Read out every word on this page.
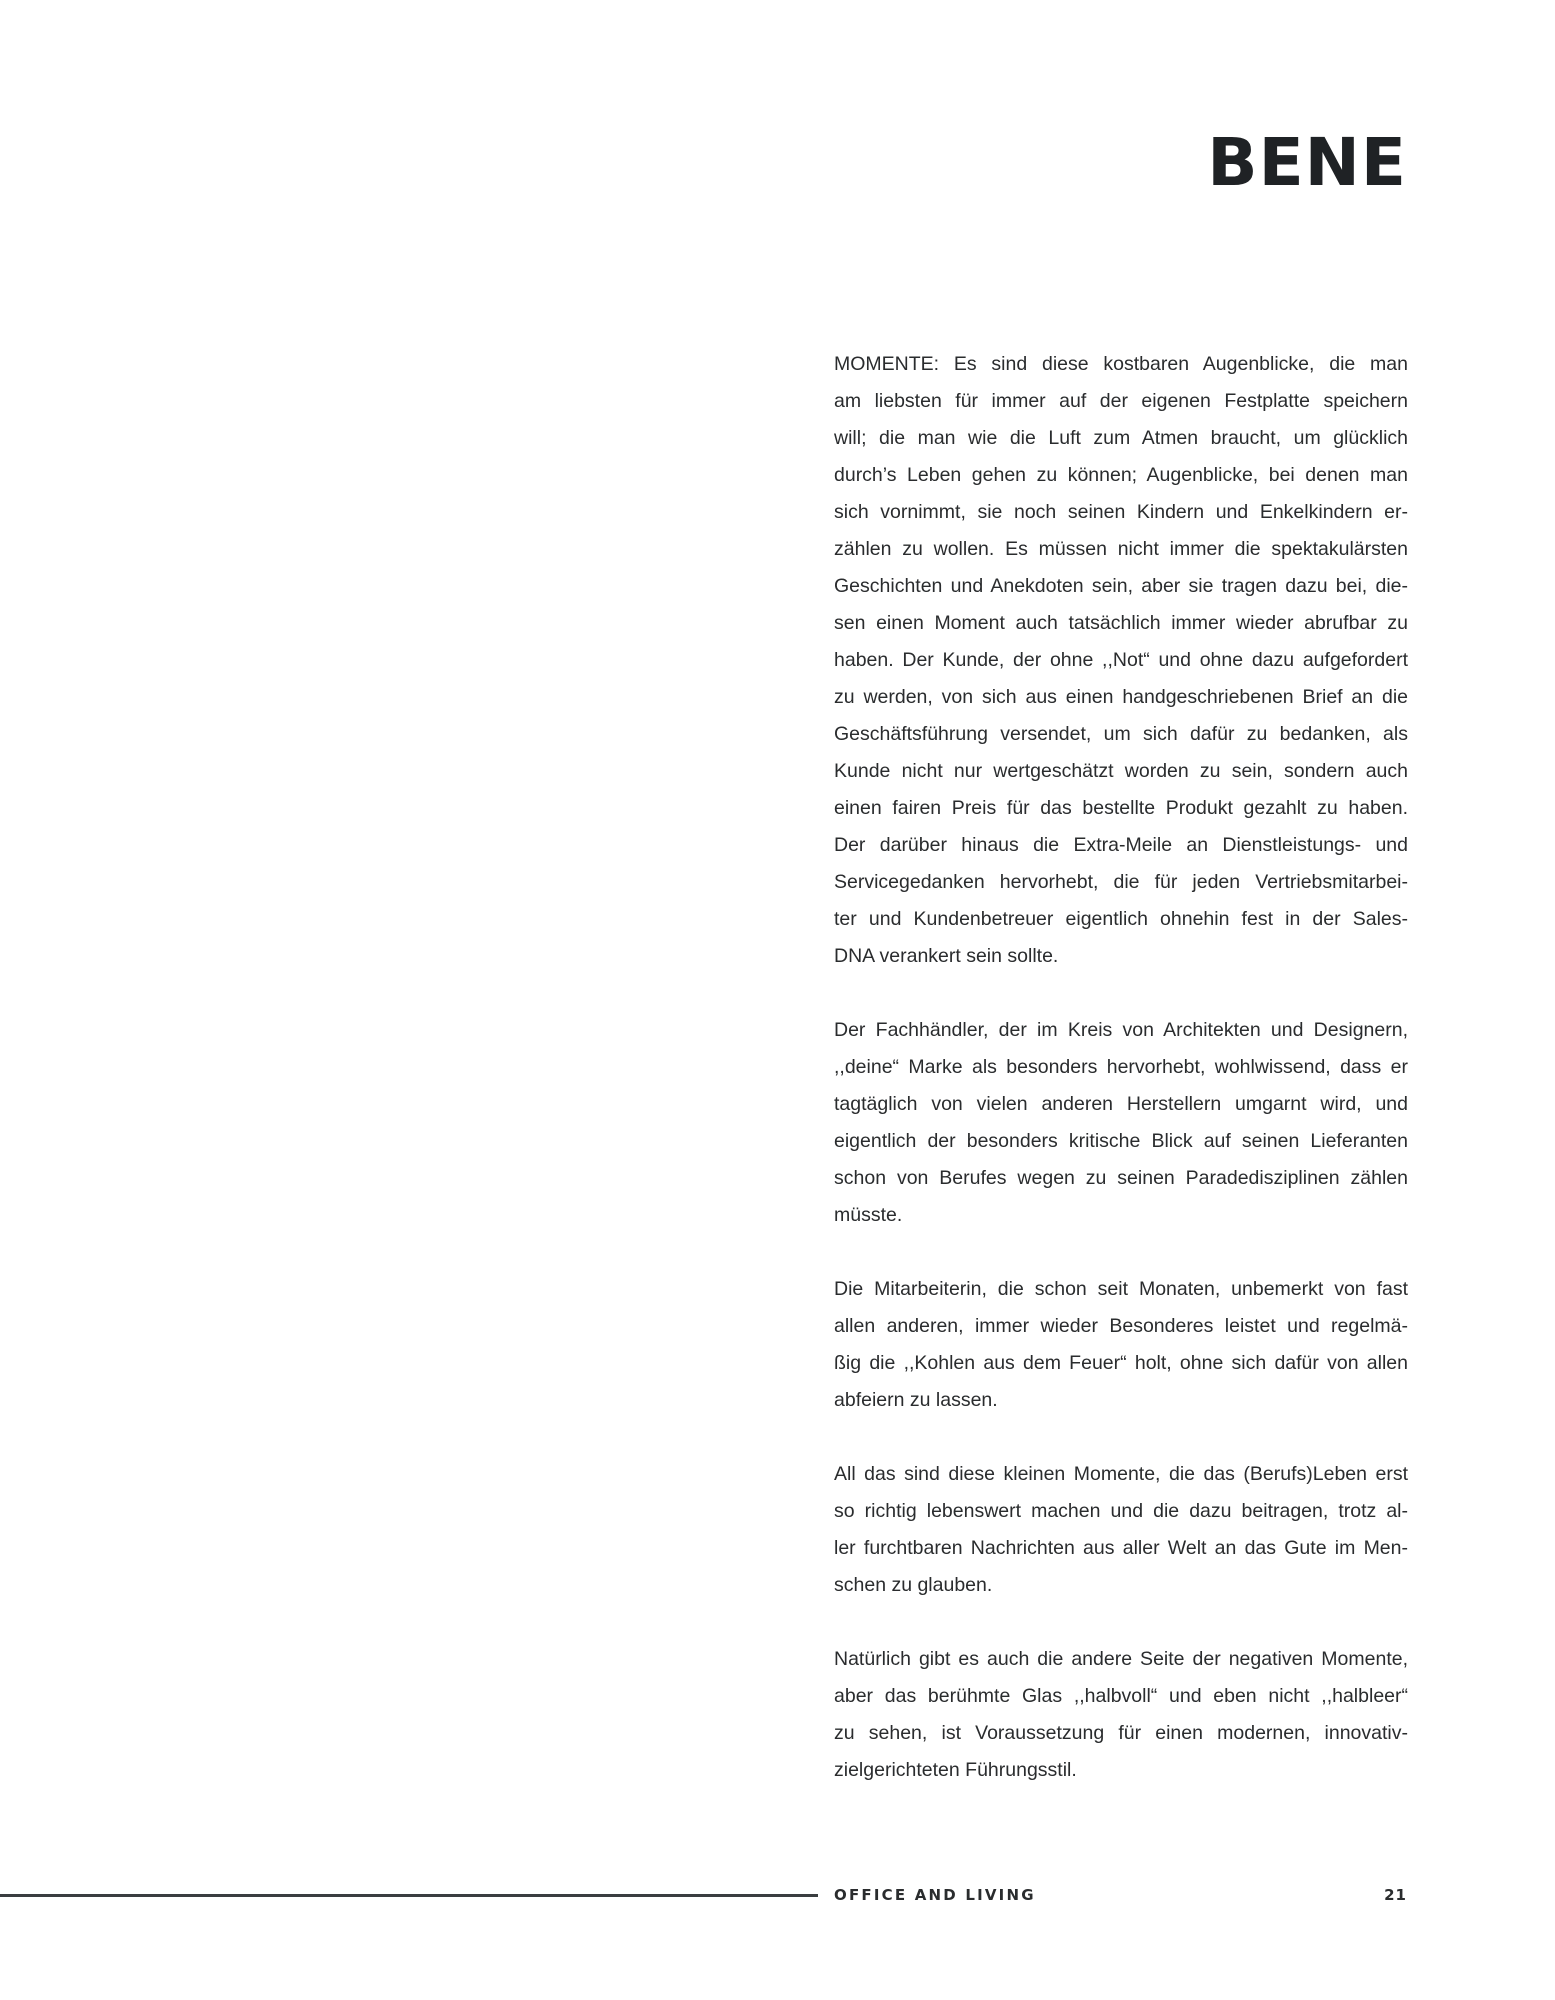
BENE

MOMENTE: Es sind diese kostbaren Augenblicke, die man
am liebsten für immer auf der eigenen Festplatte speichern
will; die man wie die Luft zum Atmen braucht, um glücklich
durch’s Leben gehen zu können; Augenblicke, bei denen man
sich vornimmt, sie noch seinen Kindern und Enkelkindern er-
zählen zu wollen. Es müssen nicht immer die spektakulärsten
Geschichten und Anekdoten sein, aber sie tragen dazu bei, die-
sen einen Moment auch tatsächlich immer wieder abrufbar zu
haben. Der Kunde, der ohne ,,Not“ und ohne dazu aufgefordert
zu werden, von sich aus einen handgeschriebenen Brief an die
Geschäftsführung versendet, um sich dafür zu bedanken, als
Kunde nicht nur wertgeschätzt worden zu sein, sondern auch
einen fairen Preis für das bestellte Produkt gezahlt zu haben.
Der darüber hinaus die Extra-Meile an Dienstleistungs- und
Servicegedanken hervorhebt, die für jeden Vertriebsmitarbei-
ter und Kundenbetreuer eigentlich ohnehin fest in der Sales-
DNA verankert sein sollte.

Der Fachhändler, der im Kreis von Architekten und Designern,
,,deine“ Marke als besonders hervorhebt, wohlwissend, dass er
tagtäglich von vielen anderen Herstellern umgarnt wird, und
eigentlich der besonders kritische Blick auf seinen Lieferanten
schon von Berufes wegen zu seinen Paradedisziplinen zählen
müsste.

Die Mitarbeiterin, die schon seit Monaten, unbemerkt von fast
allen anderen, immer wieder Besonderes leistet und regelmä-
ßig die ,,Kohlen aus dem Feuer“ holt, ohne sich dafür von allen
abfeiern zu lassen.

All das sind diese kleinen Momente, die das (Berufs)Leben erst
so richtig lebenswert machen und die dazu beitragen, trotz al-
ler furchtbaren Nachrichten aus aller Welt an das Gute im Men-
schen zu glauben.

Natürlich gibt es auch die andere Seite der negativen Momente,
aber das berühmte Glas ,,halbvoll“ und eben nicht ,,halbleer“
zu sehen, ist Voraussetzung für einen modernen, innovativ-
zielgerichteten Führungsstil.

OFFICE AND LIVING	21
